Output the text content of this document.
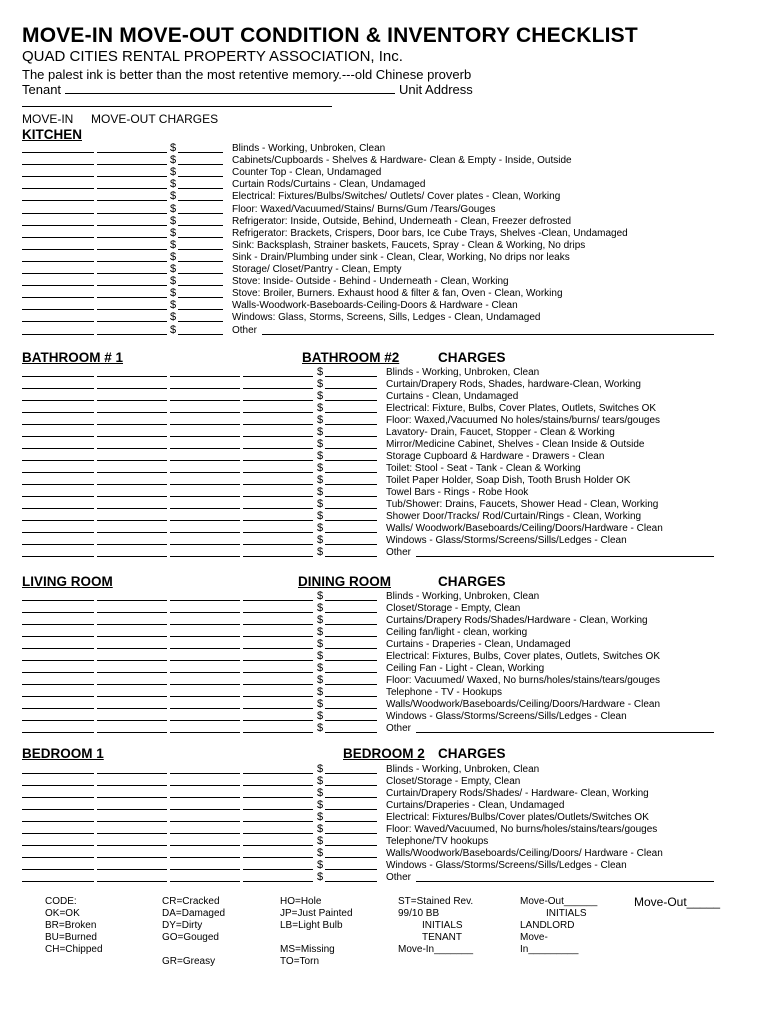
MOVE-IN MOVE-OUT CONDITION & INVENTORY CHECKLIST
QUAD CITIES RENTAL PROPERTY ASSOCIATION, Inc.
The palest ink is better than the most retentive memory.---old Chinese proverb
Tenant	Unit Address
MOVE-IN MOVE-OUT CHARGES
KITCHEN
$	Blinds - Working, Unbroken, Clean
$	Cabinets/Cupboards - Shelves & Hardware- Clean & Empty - Inside, Outside
$	Counter Top - Clean, Undamaged
$	Curtain Rods/Curtains - Clean, Undamaged
$	Electrical: Fixtures/Bulbs/Switches/ Outlets/ Cover plates - Clean, Working
$	Floor: Waxed/Vacuumed/Stains/ Burns/Gum /Tears/Gouges
$	Refrigerator: Inside, Outside, Behind, Underneath - Clean, Freezer defrosted
$	Refrigerator: Brackets, Crispers, Door bars, Ice Cube Trays, Shelves -Clean, Undamaged
$	Sink: Backsplash, Strainer baskets, Faucets, Spray - Clean & Working, No drips
$	Sink - Drain/Plumbing under sink - Clean, Clear, Working, No drips nor leaks
$	Storage/ Closet/Pantry - Clean, Empty
$	Stove: Inside- Outside - Behind - Underneath - Clean, Working
$	Stove: Broiler, Burners. Exhaust hood & filter & fan, Oven - Clean, Working
$	Walls-Woodwork-Baseboards-Ceiling-Doors & Hardware - Clean
$	Windows: Glass, Storms, Screens, Sills, Ledges - Clean, Undamaged
$	Other
BATHROOM # 1	BATHROOM #2	CHARGES
$	Blinds - Working, Unbroken, Clean
$	Curtain/Drapery Rods, Shades, hardware-Clean, Working
$	Curtains - Clean, Undamaged
$	Electrical: Fixture, Bulbs, Cover Plates, Outlets, Switches OK
$	Floor: Waxed,/Vacuumed No holes/stains/burns/ tears/gouges
$	Lavatory- Drain, Faucet, Stopper - Clean & Working
$	Mirror/Medicine Cabinet, Shelves - Clean Inside & Outside
$	Storage Cupboard & Hardware - Drawers - Clean
$	Toilet: Stool - Seat - Tank - Clean & Working
$	Toilet Paper Holder, Soap Dish, Tooth Brush Holder OK
$	Towel Bars - Rings - Robe Hook
$	Tub/Shower: Drains, Faucets, Shower Head - Clean, Working
$	Shower Door/Tracks/ Rod/Curtain/Rings - Clean, Working
$	Walls/ Woodwork/Baseboards/Ceiling/Doors/Hardware - Clean
$	Windows - Glass/Storms/Screens/Sills/Ledges - Clean
$	Other
LIVING ROOM	DINING ROOM	CHARGES
$	Blinds - Working, Unbroken, Clean
$	Closet/Storage - Empty, Clean
$	Curtains/Drapery Rods/Shades/Hardware - Clean, Working
$	Ceiling fan/light - clean, working
$	Curtains - Draperies - Clean, Undamaged
$	Electrical: Fixtures, Bulbs, Cover plates, Outlets, Switches OK
$	Ceiling Fan - Light - Clean, Working
$	Floor: Vacuumed/ Waxed, No burns/holes/stains/tears/gouges
$	Telephone - TV - Hookups
$	Walls/Woodwork/Baseboards/Ceiling/Doors/Hardware - Clean
$	Windows - Glass/Storms/Screens/Sills/Ledges - Clean
$	Other
BEDROOM 1	BEDROOM 2 CHARGES
$	Blinds - Working, Unbroken, Clean
$	Closet/Storage - Empty, Clean
$	Curtain/Drapery Rods/Shades/ - Hardware- Clean, Working
$	Curtains/Draperies - Clean, Undamaged
$	Electrical: Fixtures/Bulbs/Cover plates/Outlets/Switches OK
$	Floor: Waved/Vacuumed, No burns/holes/stains/tears/gouges
$	Telephone/TV hookups
$	Walls/Woodwork/Baseboards/Ceiling/Doors/ Hardware - Clean
$	Windows - Glass/Storms/Screens/Sills/Ledges - Clean
$	Other
CODE:
OK=OK
BR=Broken
BU=Burned
CH=Chipped
CR=Cracked
DA=Damaged
DY=Dirty
GO=Gouged
GR=Greasy
HO=Hole
JP=Just Painted
LB=Light Bulb
MS=Missing
TO=Torn
ST=Stained Rev.
99/10 BB
INITIALS
TENANT
Move-In_______
Move-Out______
INITIALS
LANDLORD
Move-
In_________
Move-Out_____
